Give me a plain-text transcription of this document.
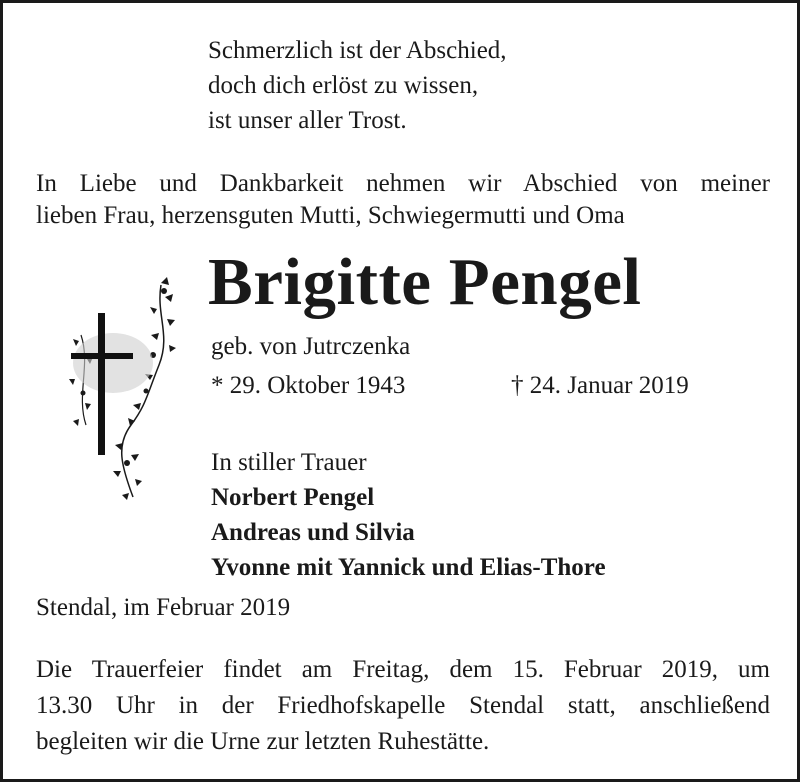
Schmerzlich ist der Abschied,
doch dich erlöst zu wissen,
ist unser aller Trost.
In Liebe und Dankbarkeit nehmen wir Abschied von meiner
lieben Frau, herzensguten Mutti, Schwiegermutti und Oma
Brigitte Pengel
geb. von Jutrczenka
* 29. Oktober 1943	† 24. Januar 2019
In stiller Trauer
Norbert Pengel
Andreas und Silvia
Yvonne mit Yannick und Elias-Thore
Stendal, im Februar 2019
Die Trauerfeier findet am Freitag, dem 15. Februar 2019, um
13.30 Uhr in der Friedhofskapelle Stendal statt, anschließend
begleiten wir die Urne zur letzten Ruhestätte.
